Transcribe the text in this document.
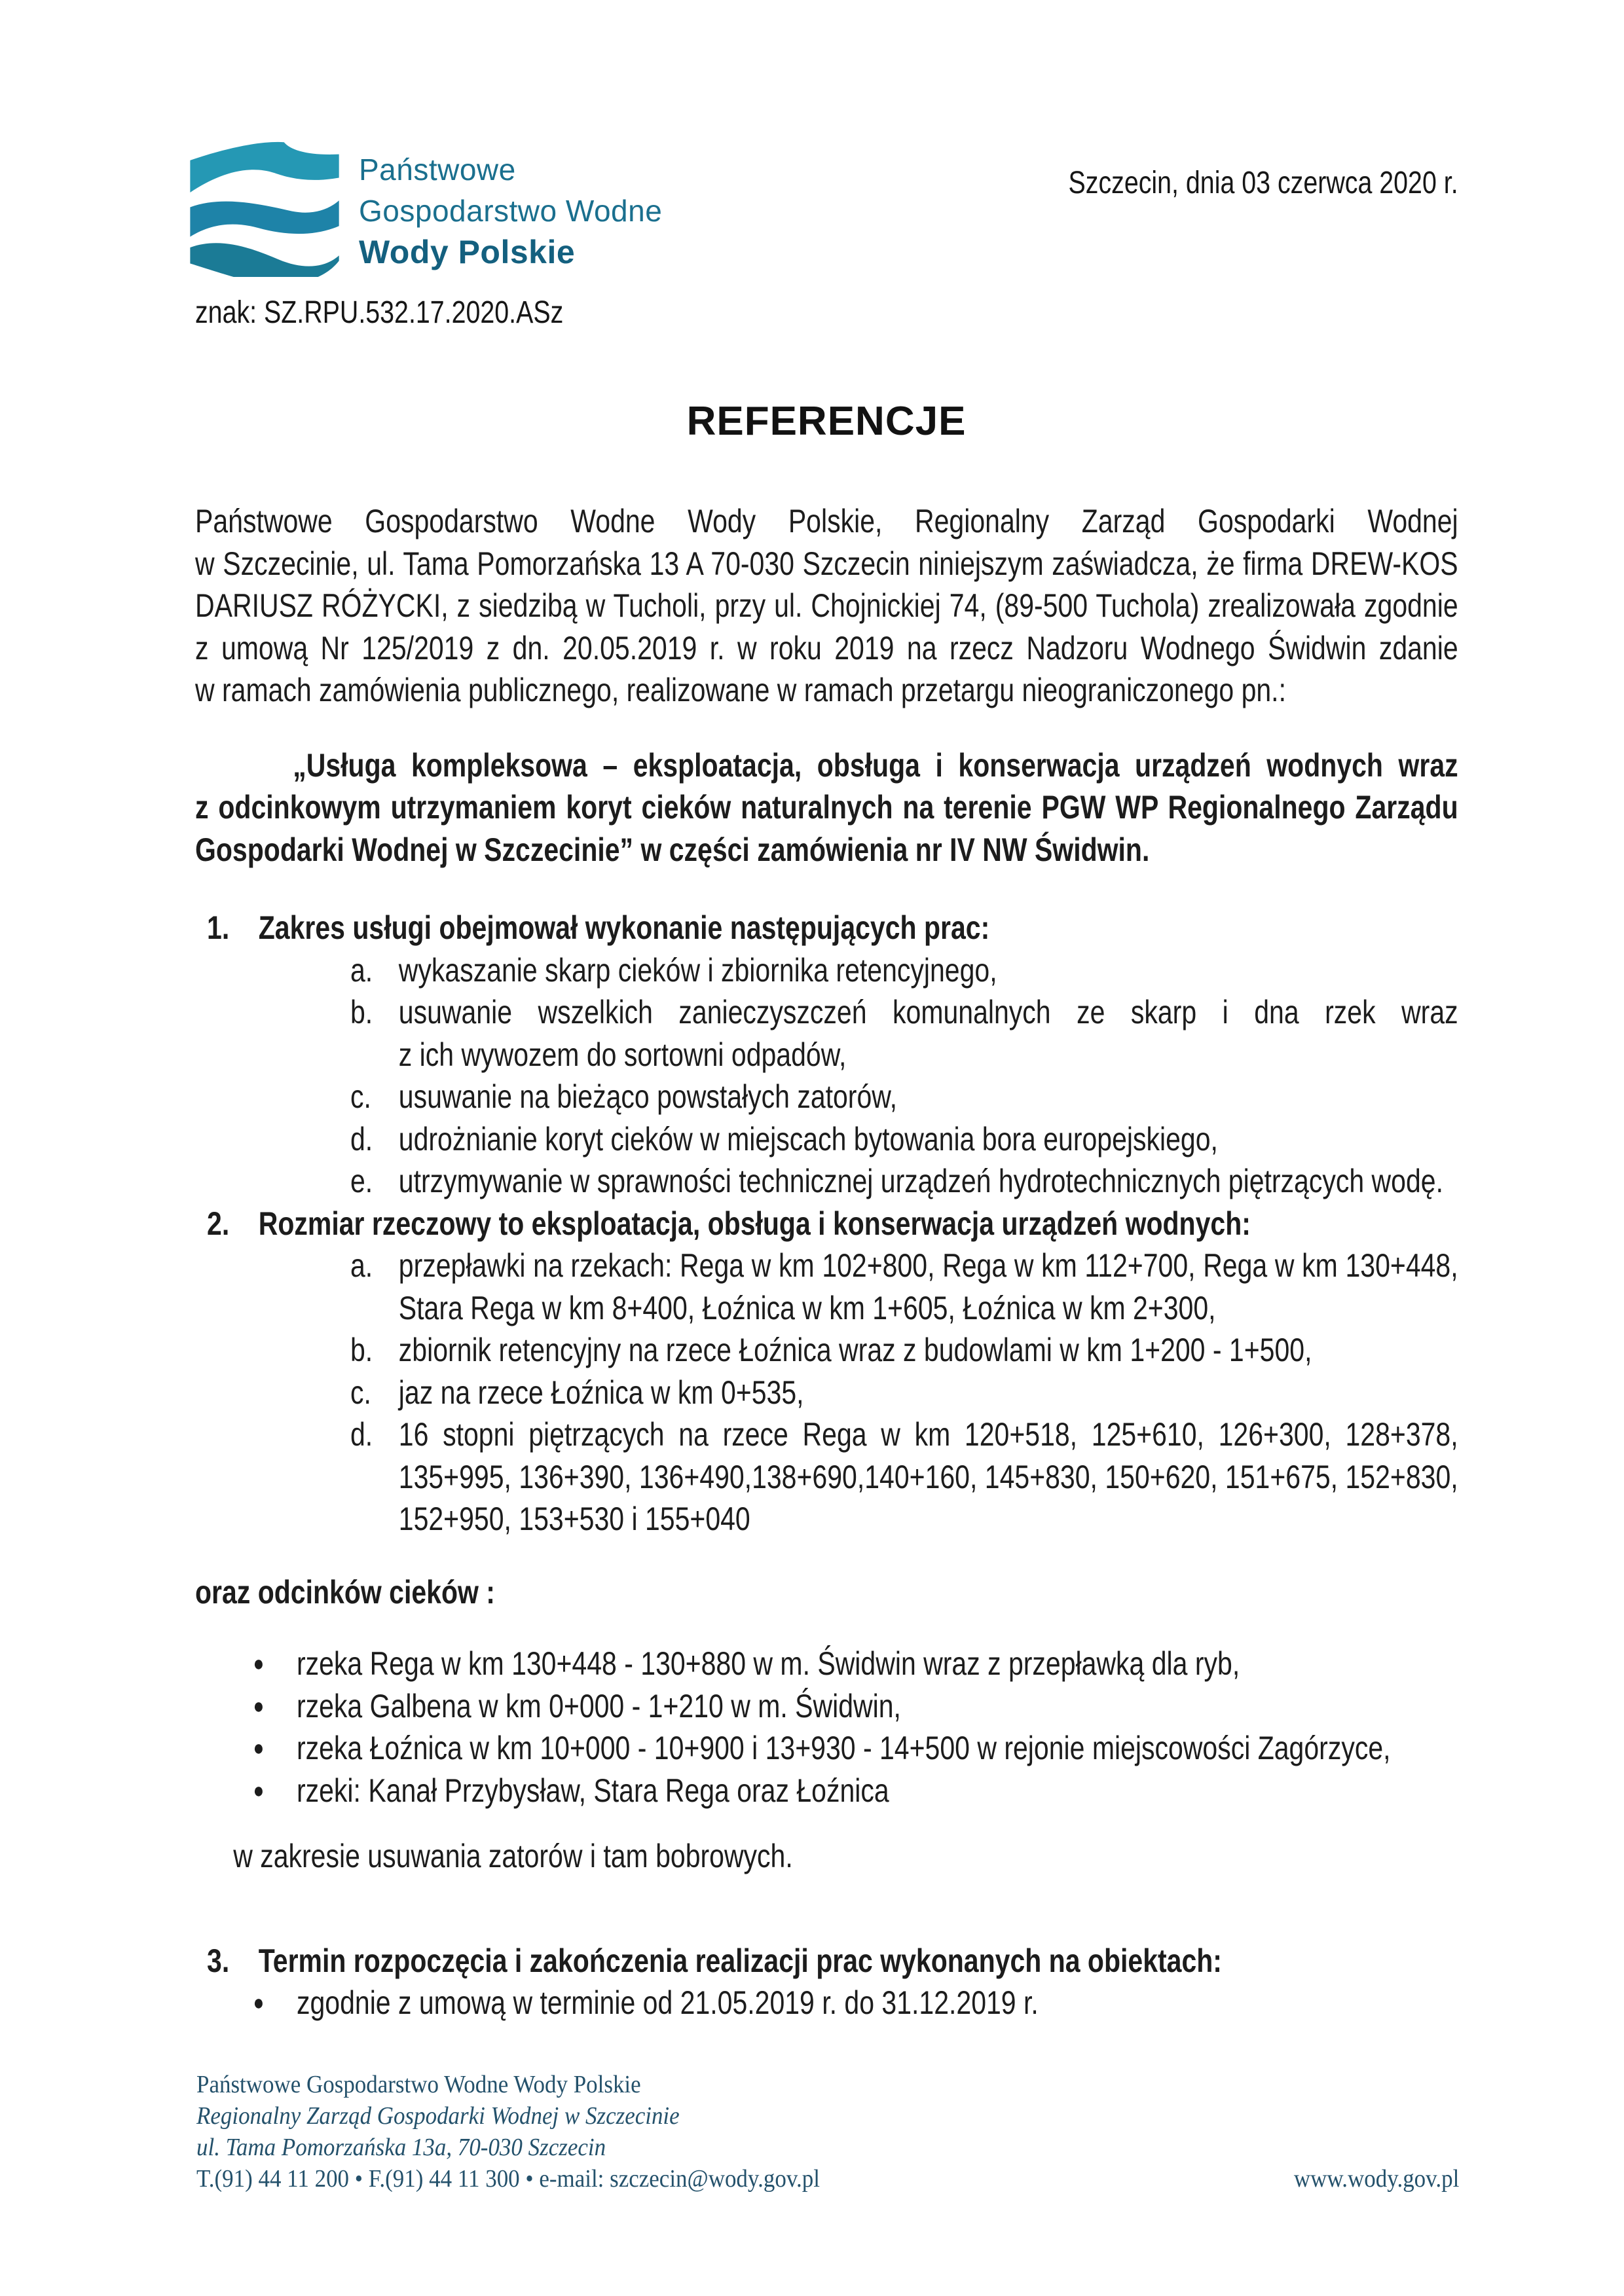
Państwowe
Gospodarstwo Wodne
Wody Polskie
Szczecin, dnia 03 czerwca 2020 r.
znak: SZ.RPU.532.17.2020.ASz
REFERENCJE
Państwowe Gospodarstwo Wodne Wody Polskie, Regionalny Zarząd Gospodarki Wodnej
w Szczecinie, ul. Tama Pomorzańska 13 A 70-030 Szczecin niniejszym zaświadcza, że firma DREW-KOS
DARIUSZ RÓŻYCKI, z siedzibą w Tucholi, przy ul. Chojnickiej 74, (89-500 Tuchola) zrealizowała zgodnie
z umową Nr 125/2019 z dn. 20.05.2019 r. w roku 2019 na rzecz Nadzoru Wodnego Świdwin zdanie
w ramach zamówienia publicznego, realizowane w ramach przetargu nieograniczonego pn.:
„Usługa kompleksowa – eksploatacja, obsługa i konserwacja urządzeń wodnych wraz
z odcinkowym utrzymaniem koryt cieków naturalnych na terenie PGW WP Regionalnego Zarządu
Gospodarki Wodnej w Szczecinie” w części zamówienia nr IV NW Świdwin.
1. Zakres usługi obejmował wykonanie następujących prac:
a. wykaszanie skarp cieków i zbiornika retencyjnego,
b. usuwanie wszelkich zanieczyszczeń komunalnych ze skarp i dna rzek wraz
z ich wywozem do sortowni odpadów,
c. usuwanie na bieżąco powstałych zatorów,
d. udrożnianie koryt cieków w miejscach bytowania bora europejskiego,
e. utrzymywanie w sprawności technicznej urządzeń hydrotechnicznych piętrzących wodę.
2. Rozmiar rzeczowy to eksploatacja, obsługa i konserwacja urządzeń wodnych:
a. przepławki na rzekach: Rega w km 102+800, Rega w km 112+700, Rega w km 130+448,
Stara Rega w km 8+400, Łoźnica w km 1+605, Łoźnica w km 2+300,
b. zbiornik retencyjny na rzece Łoźnica wraz z budowlami w km 1+200 - 1+500,
c. jaz na rzece Łoźnica w km 0+535,
d. 16 stopni piętrzących na rzece Rega w km 120+518, 125+610, 126+300, 128+378,
135+995, 136+390, 136+490,138+690,140+160, 145+830, 150+620, 151+675, 152+830,
152+950, 153+530 i 155+040
oraz odcinków cieków :
● rzeka Rega w km 130+448 - 130+880 w m. Świdwin wraz z przepławką dla ryb,
● rzeka Galbena w km 0+000 - 1+210 w m. Świdwin,
● rzeka Łoźnica w km 10+000 - 10+900 i 13+930 - 14+500 w rejonie miejscowości Zagórzyce,
● rzeki: Kanał Przybysław, Stara Rega oraz Łoźnica
w zakresie usuwania zatorów i tam bobrowych.
3. Termin rozpoczęcia i zakończenia realizacji prac wykonanych na obiektach:
● zgodnie z umową w terminie od 21.05.2019 r. do 31.12.2019 r.
Państwowe Gospodarstwo Wodne Wody Polskie
Regionalny Zarząd Gospodarki Wodnej w Szczecinie
ul. Tama Pomorzańska 13a, 70-030 Szczecin
T.(91) 44 11 200 • F.(91) 44 11 300 • e-mail: szczecin@wody.gov.pl	www.wody.gov.pl
